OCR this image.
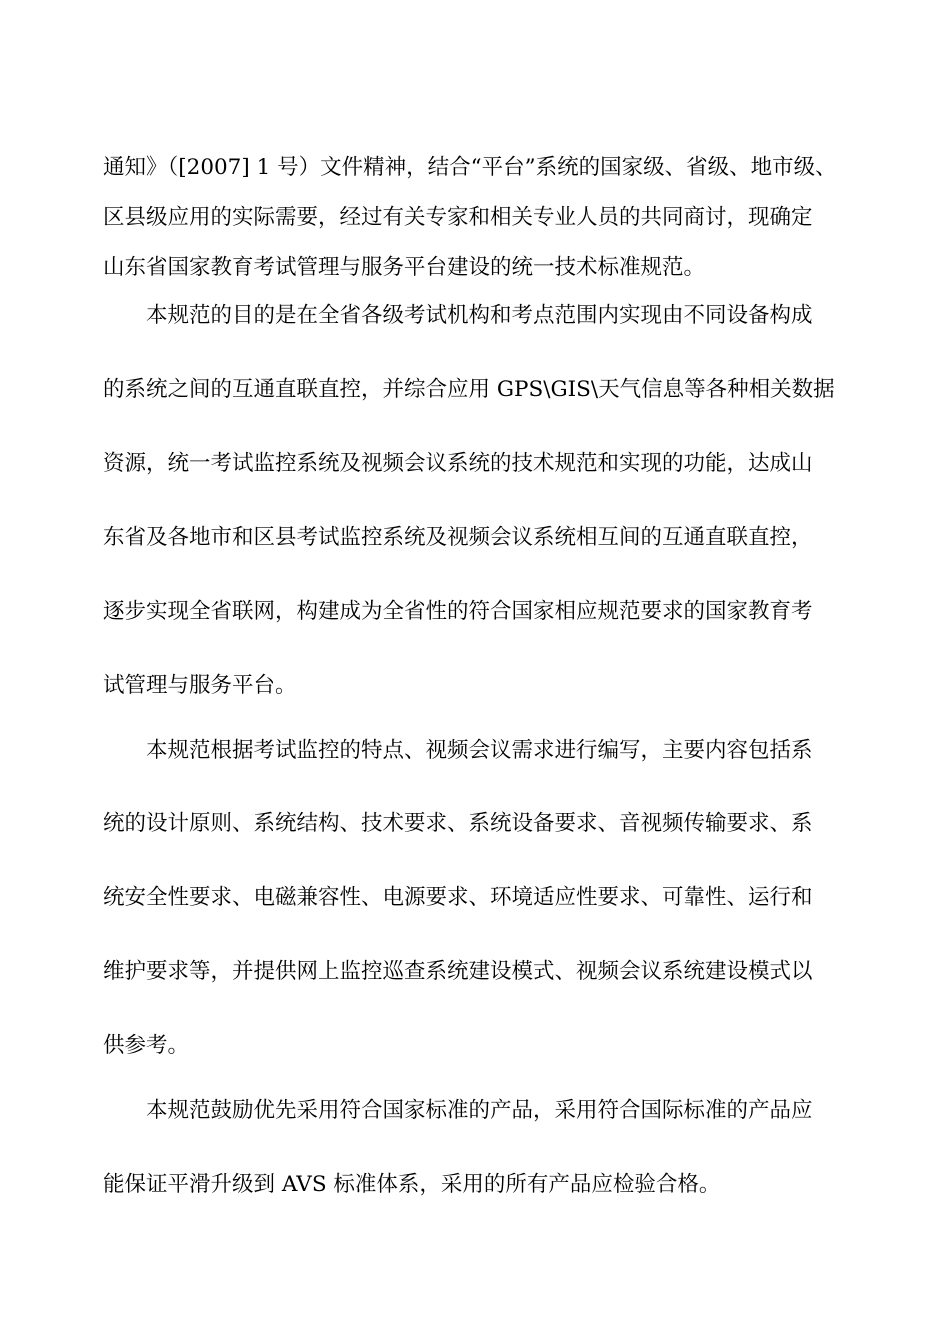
通知》（[2007] 1 号）文件精神，结合“平台”系统的国家级、省级、地市级、
区县级应用的实际需要，经过有关专家和相关专业人员的共同商讨，现确定
山东省国家教育考试管理与服务平台建设的统一技术标准规范。
本规范的目的是在全省各级考试机构和考点范围内实现由不同设备构成
的系统之间的互通直联直控，并综合应用 GPS\GIS\天气信息等各种相关数据
资源，统一考试监控系统及视频会议系统的技术规范和实现的功能，达成山
东省及各地市和区县考试监控系统及视频会议系统相互间的互通直联直控，
逐步实现全省联网，构建成为全省性的符合国家相应规范要求的国家教育考
试管理与服务平台。
本规范根据考试监控的特点、视频会议需求进行编写，主要内容包括系
统的设计原则、系统结构、技术要求、系统设备要求、音视频传输要求、系
统安全性要求、电磁兼容性、电源要求、环境适应性要求、可靠性、运行和
维护要求等，并提供网上监控巡查系统建设模式、视频会议系统建设模式以
供参考。
本规范鼓励优先采用符合国家标准的产品，采用符合国际标准的产品应
能保证平滑升级到 AVS 标准体系，采用的所有产品应检验合格。
